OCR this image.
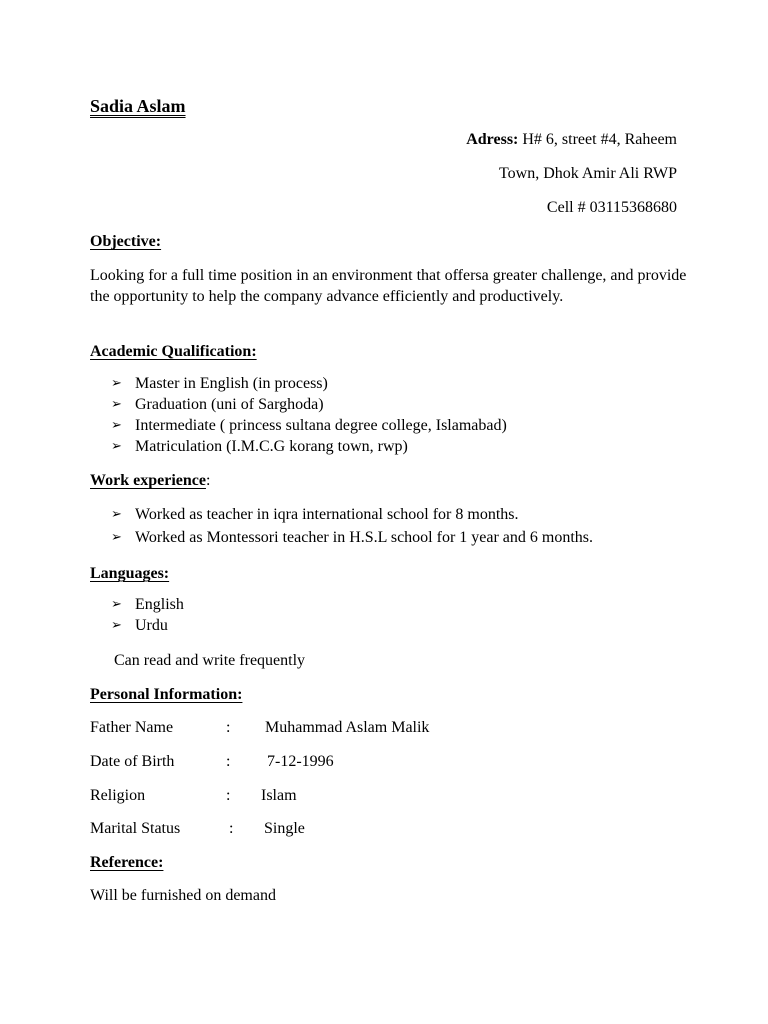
Sadia Aslam
Adress: H# 6, street #4, Raheem
Town, Dhok Amir Ali RWP
Cell # 03115368680
Objective:
Looking for a full time position in an environment that offersa greater challenge, and provide the opportunity to help the company advance efficiently and productively.
Academic Qualification:
➢ Master in English (in process)
➢ Graduation (uni of Sarghoda)
➢ Intermediate ( princess sultana degree college, Islamabad)
➢ Matriculation (I.M.C.G korang town, rwp)
Work experience:
➢ Worked as teacher in iqra international school for 8 months.
➢ Worked as Montessori teacher in H.S.L school for 1 year and 6 months.
Languages:
➢ English
➢ Urdu
Can read and write frequently
Personal Information:
Father Name	: Muhammad Aslam Malik
Date of Birth	: 7-12-1996
Religion	: Islam
Marital Status	: Single
Reference:
Will be furnished on demand
